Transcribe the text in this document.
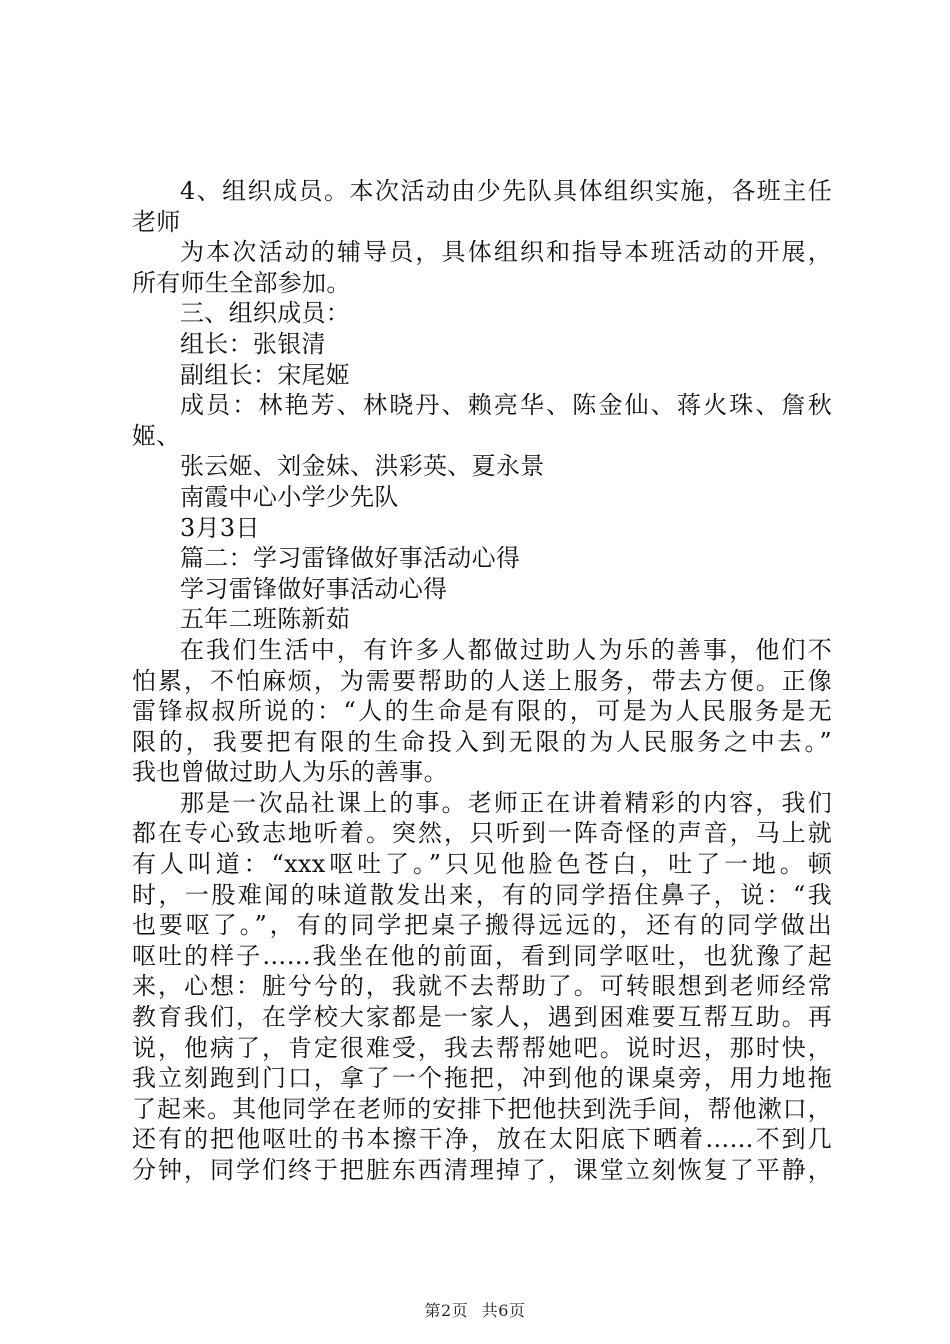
4、组织成员。本次活动由少先队具体组织实施，各班主任
老师
为本次活动的辅导员，具体组织和指导本班活动的开展，
所有师生全部参加。
三、组织成员：
组长：张银清
副组长：宋尾姬
成员：林艳芳、林晓丹、赖亮华、陈金仙、蒋火珠、詹秋
姬、
张云姬、刘金妹、洪彩英、夏永景
南霞中心小学少先队
3月3日
篇二：学习雷锋做好事活动心得
学习雷锋做好事活动心得
五年二班陈新茹
在我们生活中，有许多人都做过助人为乐的善事，他们不
怕累，不怕麻烦，为需要帮助的人送上服务，带去方便。正像
雷锋叔叔所说的：“人的生命是有限的，可是为人民服务是无
限的，我要把有限的生命投入到无限的为人民服务之中去。”
我也曾做过助人为乐的善事。
那是一次品社课上的事。老师正在讲着精彩的内容，我们
都在专心致志地听着。突然，只听到一阵奇怪的声音，马上就
有人叫道：“xxx呕吐了。”只见他脸色苍白，吐了一地。顿
时，一股难闻的味道散发出来，有的同学捂住鼻子，说：“我
也要呕了。”，有的同学把桌子搬得远远的，还有的同学做出
呕吐的样子……我坐在他的前面，看到同学呕吐，也犹豫了起
来，心想：脏兮兮的，我就不去帮助了。可转眼想到老师经常
教育我们，在学校大家都是一家人，遇到困难要互帮互助。再
说，他病了，肯定很难受，我去帮帮她吧。说时迟，那时快，
我立刻跑到门口，拿了一个拖把，冲到他的课桌旁，用力地拖
了起来。其他同学在老师的安排下把他扶到洗手间，帮他漱口，
还有的把他呕吐的书本擦干净，放在太阳底下晒着……不到几
分钟，同学们终于把脏东西清理掉了，课堂立刻恢复了平静，
第2页 共6页
